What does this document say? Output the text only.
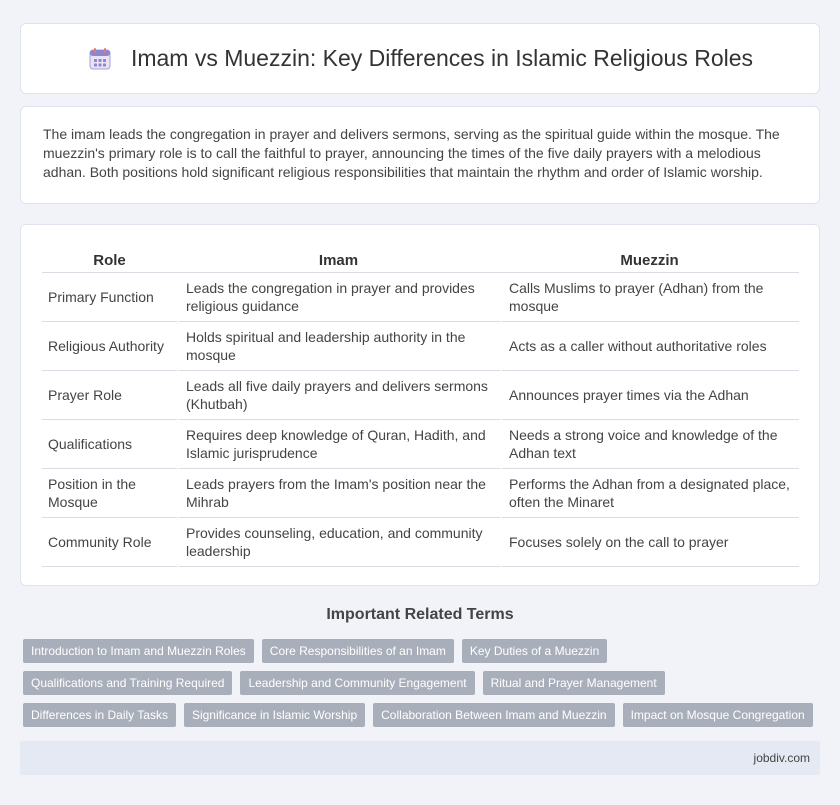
Imam vs Muezzin: Key Differences in Islamic Religious Roles

The imam leads the congregation in prayer and delivers sermons, serving as the spiritual guide within the mosque. The muezzin's primary role is to call the faithful to prayer, announcing the times of the five daily prayers with a melodious adhan. Both positions hold significant religious responsibilities that maintain the rhythm and order of Islamic worship.

Role	Imam	Muezzin
Primary Function	Leads the congregation in prayer and provides religious guidance	Calls Muslims to prayer (Adhan) from the mosque
Religious Authority	Holds spiritual and leadership authority in the mosque	Acts as a caller without authoritative roles
Prayer Role	Leads all five daily prayers and delivers sermons (Khutbah)	Announces prayer times via the Adhan
Qualifications	Requires deep knowledge of Quran, Hadith, and Islamic jurisprudence	Needs a strong voice and knowledge of the Adhan text
Position in the Mosque	Leads prayers from the Imam's position near the Mihrab	Performs the Adhan from a designated place, often the Minaret
Community Role	Provides counseling, education, and community leadership	Focuses solely on the call to prayer
Important Related Terms
Introduction to Imam and Muezzin Roles	Core Responsibilities of an Imam	Key Duties of a Muezzin
Qualifications and Training Required	Leadership and Community Engagement	Ritual and Prayer Management
Differences in Daily Tasks	Significance in Islamic Worship	Collaboration Between Imam and Muezzin	Impact on Mosque Congregation
jobdiv.com
